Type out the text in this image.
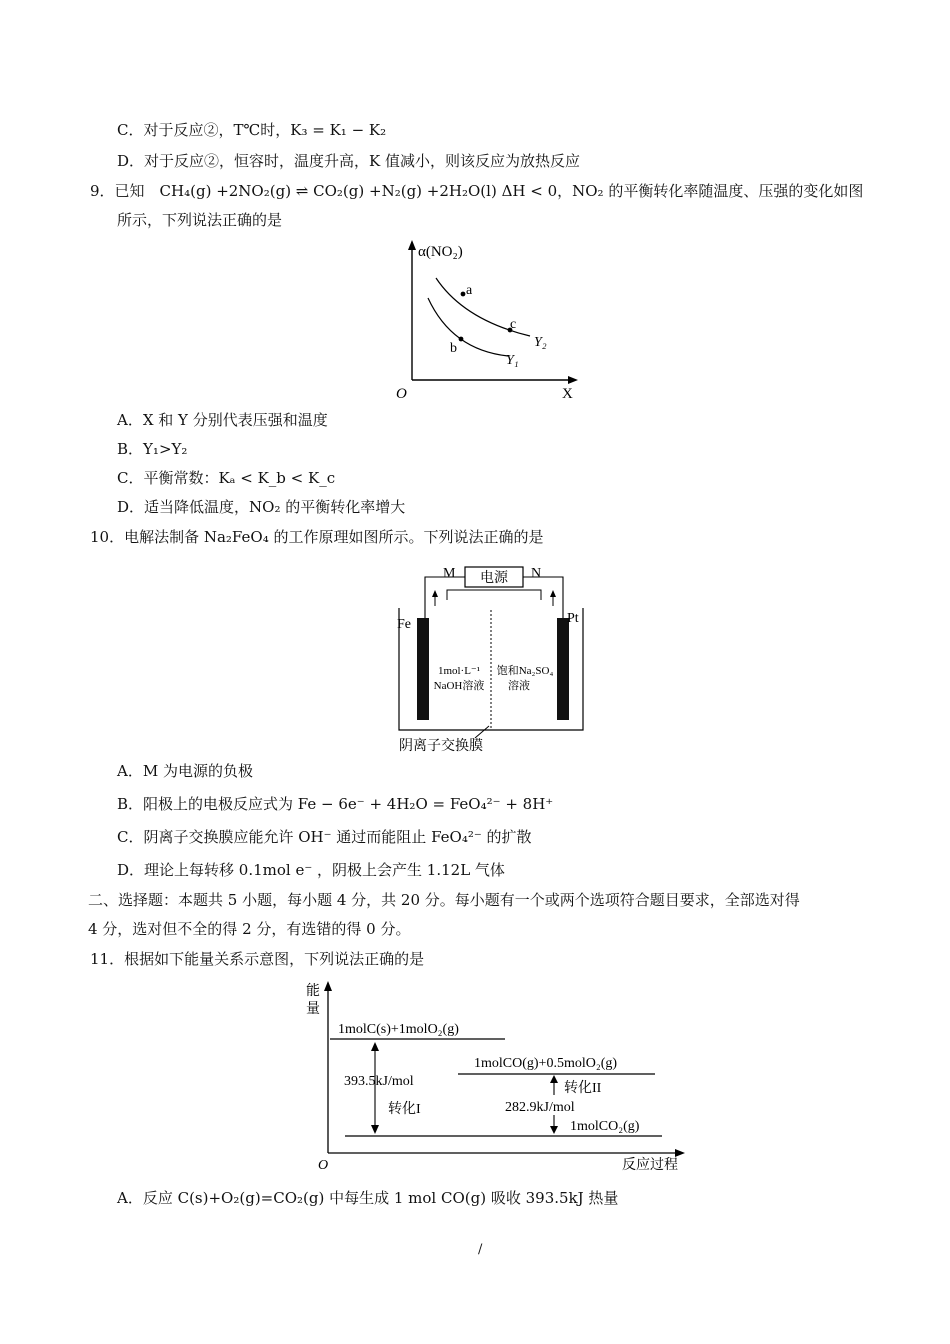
C．对于反应②，T℃时，K₃ = K₁ − K₂
D．对于反应②，恒容时，温度升高，K 值减小，则该反应为放热反应
9．已知　CH₄(g) +2NO₂(g) ⇌ CO₂(g) +N₂(g) +2H₂O(l) ΔH < 0，NO₂ 的平衡转化率随温度、压强的变化如图
所示，下列说法正确的是
α(NO₂)
O	X
a
b
c
Y₁
Y₂
A．X 和 Y 分别代表压强和温度
B．Y₁>Y₂
C．平衡常数：Kₐ < K_b < K_c
D．适当降低温度，NO₂ 的平衡转化率增大
10．电解法制备 Na₂FeO₄ 的工作原理如图所示。下列说法正确的是
电源
M	N
Fe	Pt
1mol·L⁻¹
NaOH溶液
饱和Na₂SO₄
溶液
阴离子交换膜
A．M 为电源的负极
B．阳极上的电极反应式为 Fe − 6e⁻ + 4H₂O = FeO₄²⁻ + 8H⁺
C．阴离子交换膜应能允许 OH⁻ 通过而能阻止 FeO₄²⁻ 的扩散
D．理论上每转移 0.1mol e⁻ ，阴极上会产生 1.12L 气体
二、选择题：本题共 5 小题，每小题 4 分，共 20 分。每小题有一个或两个选项符合题目要求，全部选对得
4 分，选对但不全的得 2 分，有选错的得 0 分。
11．根据如下能量关系示意图，下列说法正确的是
能
量
O	反应过程
1molC(s)+1molO₂(g)
1molCO(g)+0.5molO₂(g)
1molCO₂(g)
393.5kJ/mol
转化I
转化II
282.9kJ/mol
A．反应 C(s)+O₂(g)=CO₂(g) 中每生成 1 mol CO(g) 吸收 393.5kJ 热量
/
